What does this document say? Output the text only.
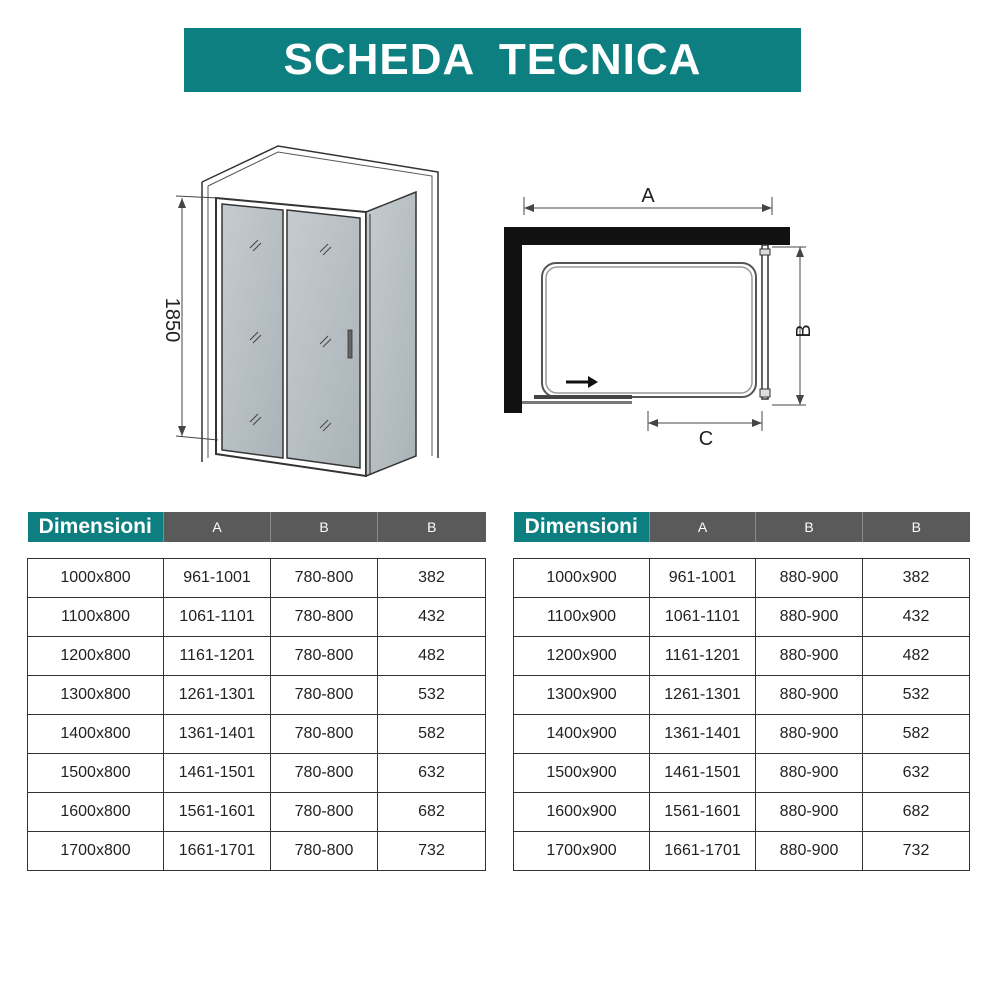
SCHEDA TECNICA
1850
A
B
C
Dimensioni	A	B	B

1000x800	961-1001	780-800	382
1100x800	1061-1101	780-800	432
1200x800	1161-1201	780-800	482
1300x800	1261-1301	780-800	532
1400x800	1361-1401	780-800	582
1500x800	1461-1501	780-800	632
1600x800	1561-1601	780-800	682
1700x800	1661-1701	780-800	732
Dimensioni	A	B	B

1000x900	961-1001	880-900	382
1100x900	1061-1101	880-900	432
1200x900	1161-1201	880-900	482
1300x900	1261-1301	880-900	532
1400x900	1361-1401	880-900	582
1500x900	1461-1501	880-900	632
1600x900	1561-1601	880-900	682
1700x900	1661-1701	880-900	732
